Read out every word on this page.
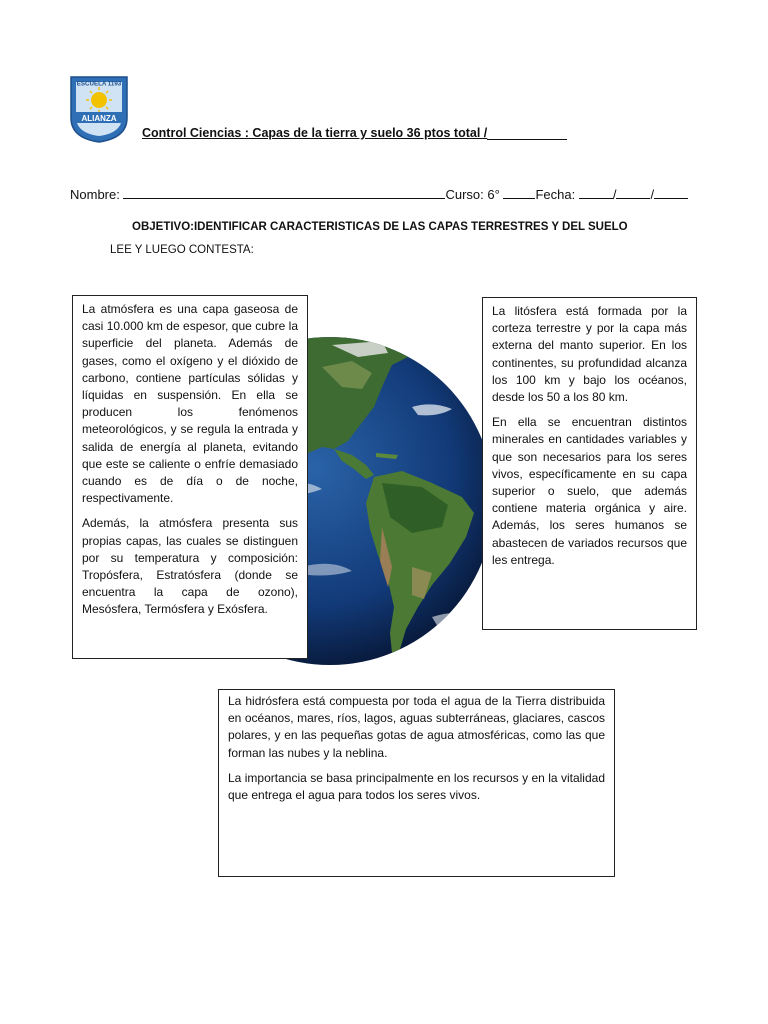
ESCUELA 1193
ALIANZA
Control Ciencias : Capas de la tierra y suelo 36 ptos total /
Nombre:	Curso: 6°	Fecha:	/	/
OBJETIVO:IDENTIFICAR CARACTERISTICAS DE LAS CAPAS TERRESTRES Y DEL SUELO
LEE Y LUEGO CONTESTA:

La atmósfera es una capa gaseosa de casi 10.000 km de espesor, que cubre la superficie del planeta. Además de gases, como el oxígeno y el dióxido de carbono, contiene partículas sólidas y líquidas en suspensión. En ella se producen los fenómenos meteorológicos, y se regula la entrada y salida de energía al planeta, evitando que este se caliente o enfríe demasiado cuando es de día o de noche, respectivamente.

Además, la atmósfera presenta sus propias capas, las cuales se distinguen por su temperatura y composición: Tropósfera, Estratósfera (donde se encuentra la capa de ozono), Mesósfera, Termósfera y Exósfera.

La litósfera está formada por la corteza terrestre y por la capa más externa del manto superior. En los continentes, su profundidad alcanza los 100 km y bajo los océanos, desde los 50 a los 80 km.

En ella se encuentran distintos minerales en cantidades variables y que son necesarios para los seres vivos, específicamente en su capa superior o suelo, que además contiene materia orgánica y aire. Además, los seres humanos se abastecen de variados recursos que les entrega.

La hidrósfera está compuesta por toda el agua de la Tierra distribuida en océanos, mares, ríos, lagos, aguas subterráneas, glaciares, cascos polares, y en las pequeñas gotas de agua atmosféricas, como las que forman las nubes y la neblina.

La importancia se basa principalmente en los recursos y en la vitalidad que entrega el agua para todos los seres vivos.
